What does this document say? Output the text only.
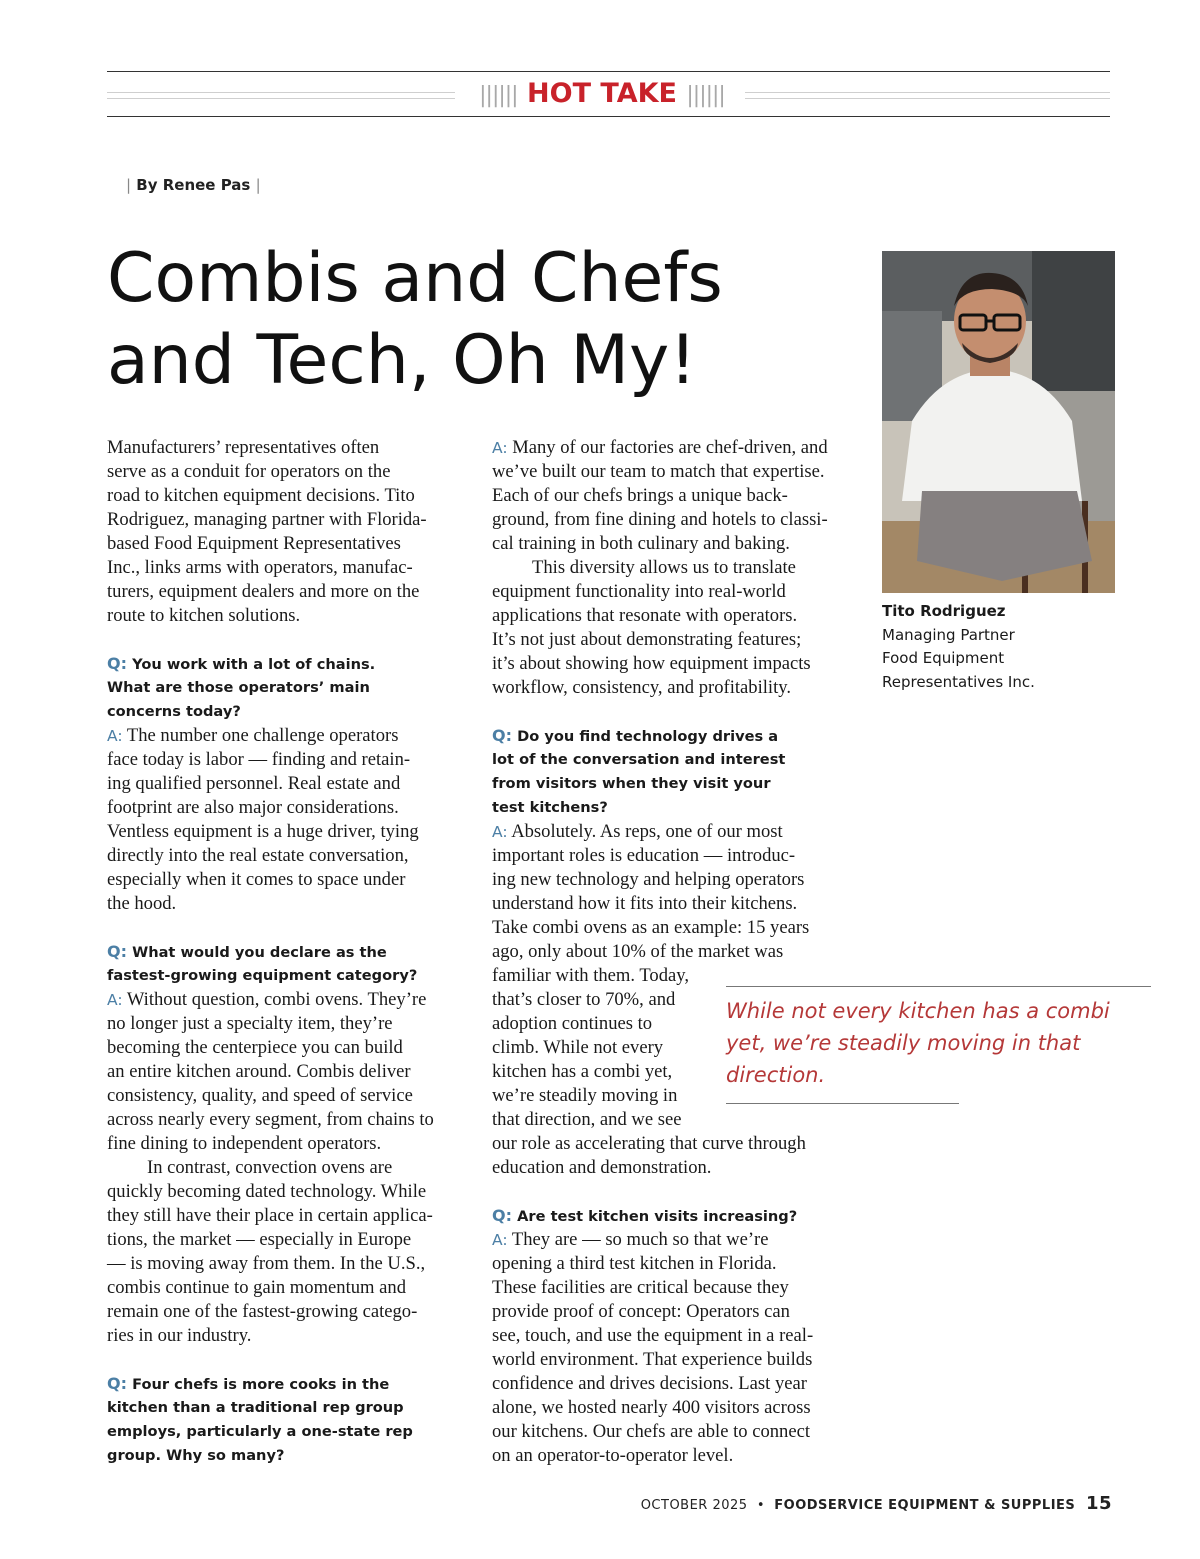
|||||| HOT TAKE ||||||
| By Renee Pas |
Combis and Chefs
and Tech, Oh My!
Tito Rodriguez
Managing Partner
Food Equipment
Representatives Inc.
Manufacturers’ representatives often
serve as a conduit for operators on the
road to kitchen equipment decisions. Tito
Rodriguez, managing partner with Florida-
based Food Equipment Representatives
Inc., links arms with operators, manufac-
turers, equipment dealers and more on the
route to kitchen solutions.
Q: You work with a lot of chains.
What are those operators’ main
concerns today?
A: The number one challenge operators
face today is labor — finding and retain-
ing qualified personnel. Real estate and
footprint are also major considerations.
Ventless equipment is a huge driver, tying
directly into the real estate conversation,
especially when it comes to space under
the hood.
Q: What would you declare as the
fastest-growing equipment category?
A: Without question, combi ovens. They’re
no longer just a specialty item, they’re
becoming the centerpiece you can build
an entire kitchen around. Combis deliver
consistency, quality, and speed of service
across nearly every segment, from chains to
fine dining to independent operators.
In contrast, convection ovens are
quickly becoming dated technology. While
they still have their place in certain applica-
tions, the market — especially in Europe
— is moving away from them. In the U.S.,
combis continue to gain momentum and
remain one of the fastest-growing catego-
ries in our industry.
Q: Four chefs is more cooks in the
kitchen than a traditional rep group
employs, particularly a one-state rep
group. Why so many?
A: Many of our factories are chef-driven, and
we’ve built our team to match that expertise.
Each of our chefs brings a unique back-
ground, from fine dining and hotels to classi-
cal training in both culinary and baking.
This diversity allows us to translate
equipment functionality into real-world
applications that resonate with operators.
It’s not just about demonstrating features;
it’s about showing how equipment impacts
workflow, consistency, and profitability.
Q: Do you find technology drives a
lot of the conversation and interest
from visitors when they visit your
test kitchens?
A: Absolutely. As reps, one of our most
important roles is education — introduc-
ing new technology and helping operators
understand how it fits into their kitchens.
Take combi ovens as an example: 15 years
ago, only about 10% of the market was
familiar with them. Today,
that’s closer to 70%, and
adoption continues to
climb. While not every
kitchen has a combi yet,
we’re steadily moving in
that direction, and we see
our role as accelerating that curve through
education and demonstration.
Q: Are test kitchen visits increasing?
A: They are — so much so that we’re
opening a third test kitchen in Florida.
These facilities are critical because they
provide proof of concept: Operators can
see, touch, and use the equipment in a real-
world environment. That experience builds
confidence and drives decisions. Last year
alone, we hosted nearly 400 visitors across
our kitchens. Our chefs are able to connect
on an operator-to-operator level.
While not every kitchen has a combi
yet, we’re steadily moving in that
direction.
OCTOBER 2025 • FOODSERVICE EQUIPMENT & SUPPLIES 15
